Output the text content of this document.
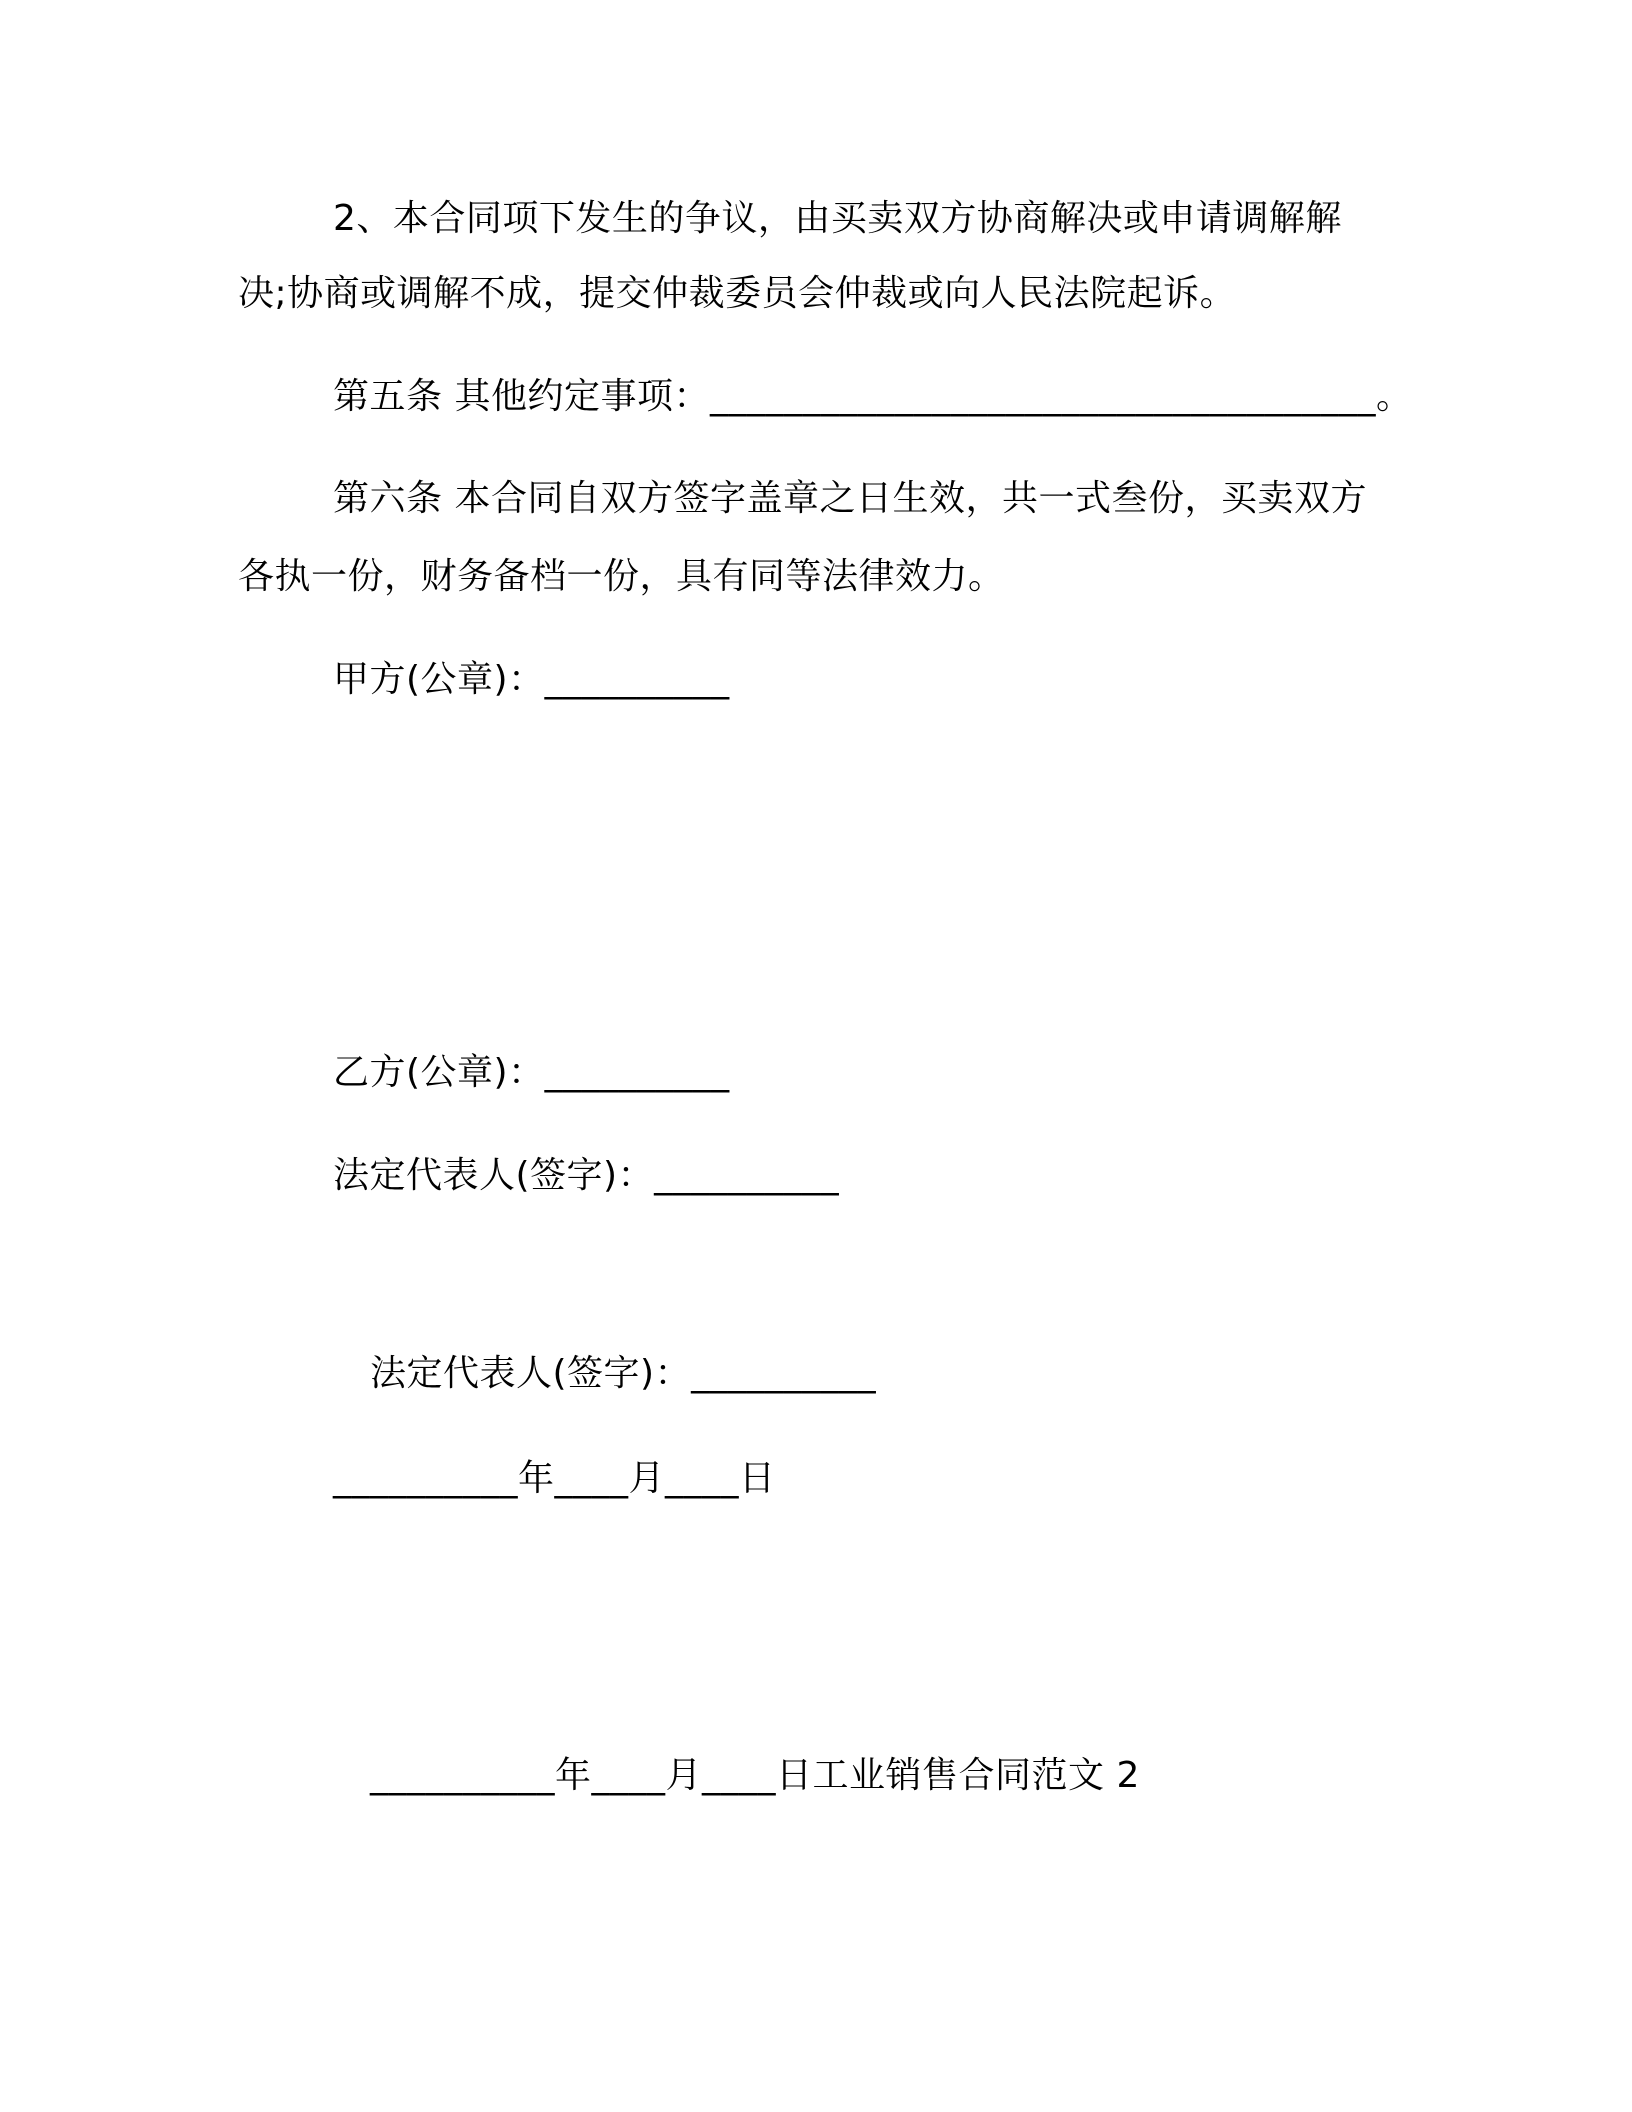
2、本合同项下发生的争议，由买卖双方协商解决或申请调解解
决;协商或调解不成，提交仲裁委员会仲裁或向人民法院起诉。
第五条 其他约定事项：____________________________________。
第六条 本合同自双方签字盖章之日生效，共一式叁份，买卖双方
各执一份，财务备档一份，具有同等法律效力。
甲方(公章)：__________
乙方(公章)：__________
法定代表人(签字)：__________
法定代表人(签字)：__________
__________年____月____日
__________年____月____日工业销售合同范文 2
